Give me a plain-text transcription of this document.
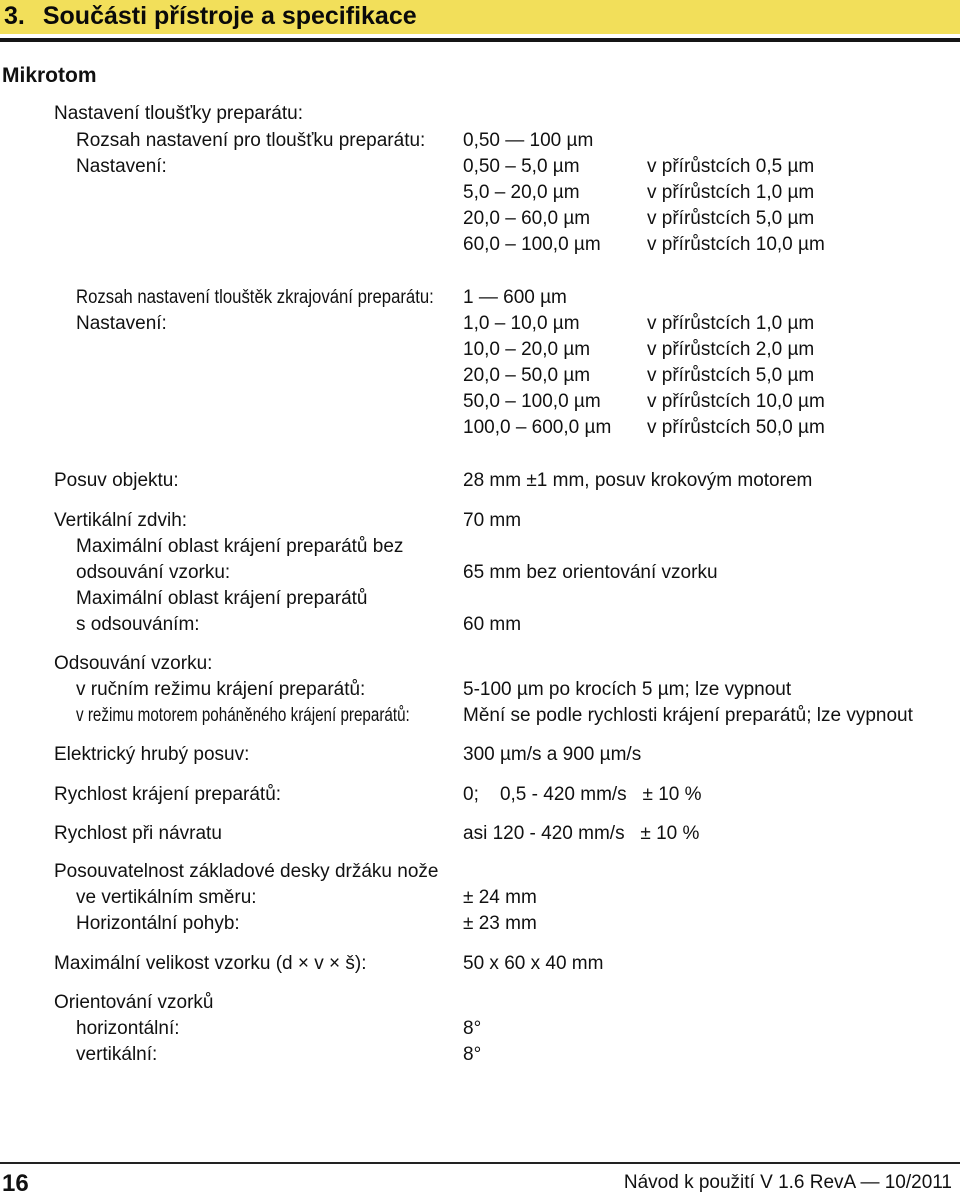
3. Součásti přístroje a specifikace
Mikrotom
Nastavení tloušťky preparátu:
Rozsah nastavení pro tloušťku preparátu: 0,50 — 100 µm
Nastavení:	0,50 – 5,0 µm	v přírůstcích 0,5 µm
5,0 – 20,0 µm	v přírůstcích 1,0 µm
20,0 – 60,0 µm	v přírůstcích 5,0 µm
60,0 – 100,0 µm v přírůstcích 10,0 µm
Rozsah nastavení tlouštěk zkrajování preparátu: 1 — 600 µm
Nastavení:	1,0 – 10,0 µm	v přírůstcích 1,0 µm
10,0 – 20,0 µm	v přírůstcích 2,0 µm
20,0 – 50,0 µm	v přírůstcích 5,0 µm
50,0 – 100,0 µm v přírůstcích 10,0 µm
100,0 – 600,0 µm v přírůstcích 50,0 µm
Posuv objektu:	28 mm ±1 mm, posuv krokovým motorem
Vertikální zdvih:	70 mm
Maximální oblast krájení preparátů bez
odsouvání vzorku:	65 mm bez orientování vzorku
Maximální oblast krájení preparátů
s odsouváním:	60 mm
Odsouvání vzorku:
v ručním režimu krájení preparátů:	5-100 µm po krocích 5 µm; lze vypnout
v režimu motorem poháněného krájení preparátů:	Mění se podle rychlosti krájení preparátů; lze vypnout
Elektrický hrubý posuv:	300 µm/s a 900 µm/s
Rychlost krájení preparátů:	0;    0,5 - 420 mm/s   ± 10 %
Rychlost při návratu	asi 120 - 420 mm/s   ± 10 %
Posouvatelnost základové desky držáku nože
ve vertikálním směru:	± 24 mm
Horizontální pohyb:	± 23 mm
Maximální velikost vzorku (d × v × š):	50 x 60 x 40 mm
Orientování vzorků
horizontální:	8°
vertikální:	8°
16	Návod k použití V 1.6 RevA — 10/2011
